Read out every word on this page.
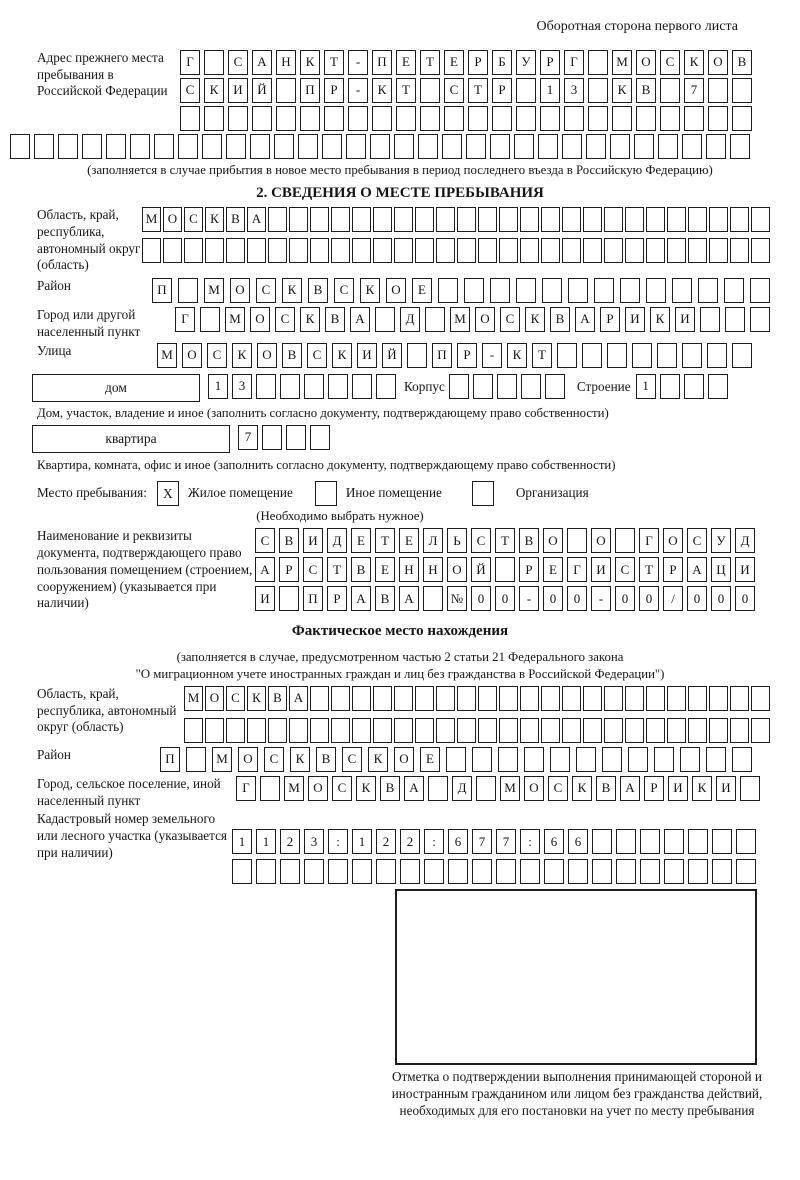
Оборотная сторона первого листа
Адрес прежнего места пребывания в Российской Федерации
Г	С	А	Н	К	Т	-	П	Е	Т	Е	Р	Б	У	Р	Г	М	О	С	К	О	В
С	К	И	Й	П	Р	-	К	Т	С	Т	Р	1	3	К	В	7
(заполняется в случае прибытия в новое место пребывания в период последнего въезда в Российскую Федерацию)
2. СВЕДЕНИЯ О МЕСТЕ ПРЕБЫВАНИЯ
Область, край, республика, автономный округ (область)
М О С К В А
Район	П	М	О	С	К	В	С	К	О	Е
Город или другой населенный пункт
Г	М	О	С	К	В	А	Д	М	О	С	К	В	А	Р	И	К	И
Улица	М	О	С	К	О	В	С	К	И	Й	П	Р	-	К	Т
дом	1	3	Корпус	Строение 1
Дом, участок, владение и иное (заполнить согласно документу, подтверждающему право собственности)
квартира	7
Квартира, комната, офис и иное (заполнить согласно документу, подтверждающему право собственности)
Место пребывания:	X	Жилое помещение	Иное помещение	Организация
(Необходимо выбрать нужное)
Наименование и реквизиты документа, подтверждающего право пользования помещением (строением, сооружением) (указывается при наличии)
С	В	И	Д	Е	Т	Е	Л	Ь	С	Т	В	О	О	Г	О	С	У	Д
А	Р	С	Т	В	Е	Н	Н	О	Й	Р	Е	Г	И	С	Т	Р	А	Ц	И
И	П	Р	А	В	А	№	0	0	-	0	0	-	0	0	/	0	0	0
Фактическое место нахождения
(заполняется в случае, предусмотренном частью 2 статьи 21 Федерального закона
"О миграционном учете иностранных граждан и лиц без гражданства в Российской Федерации")
Область, край, республика, автономный округ (область)
М О С К В А
Район	П	М	О	С	К	В	С	К	О	Е
Город, сельское поселение, иной населенный пункт
Г	М	О	С	К	В	А	Д	М	О	С	К	В	А	Р	И	К	И
Кадастровый номер земельного или лесного участка (указывается при наличии)
1	1	2	3	:	1	2	2	:	6	7	7	:	6	6
Отметка о подтверждении выполнения принимающей стороной и иностранным гражданином или лицом без гражданства действий, необходимых для его постановки на учет по месту пребывания
